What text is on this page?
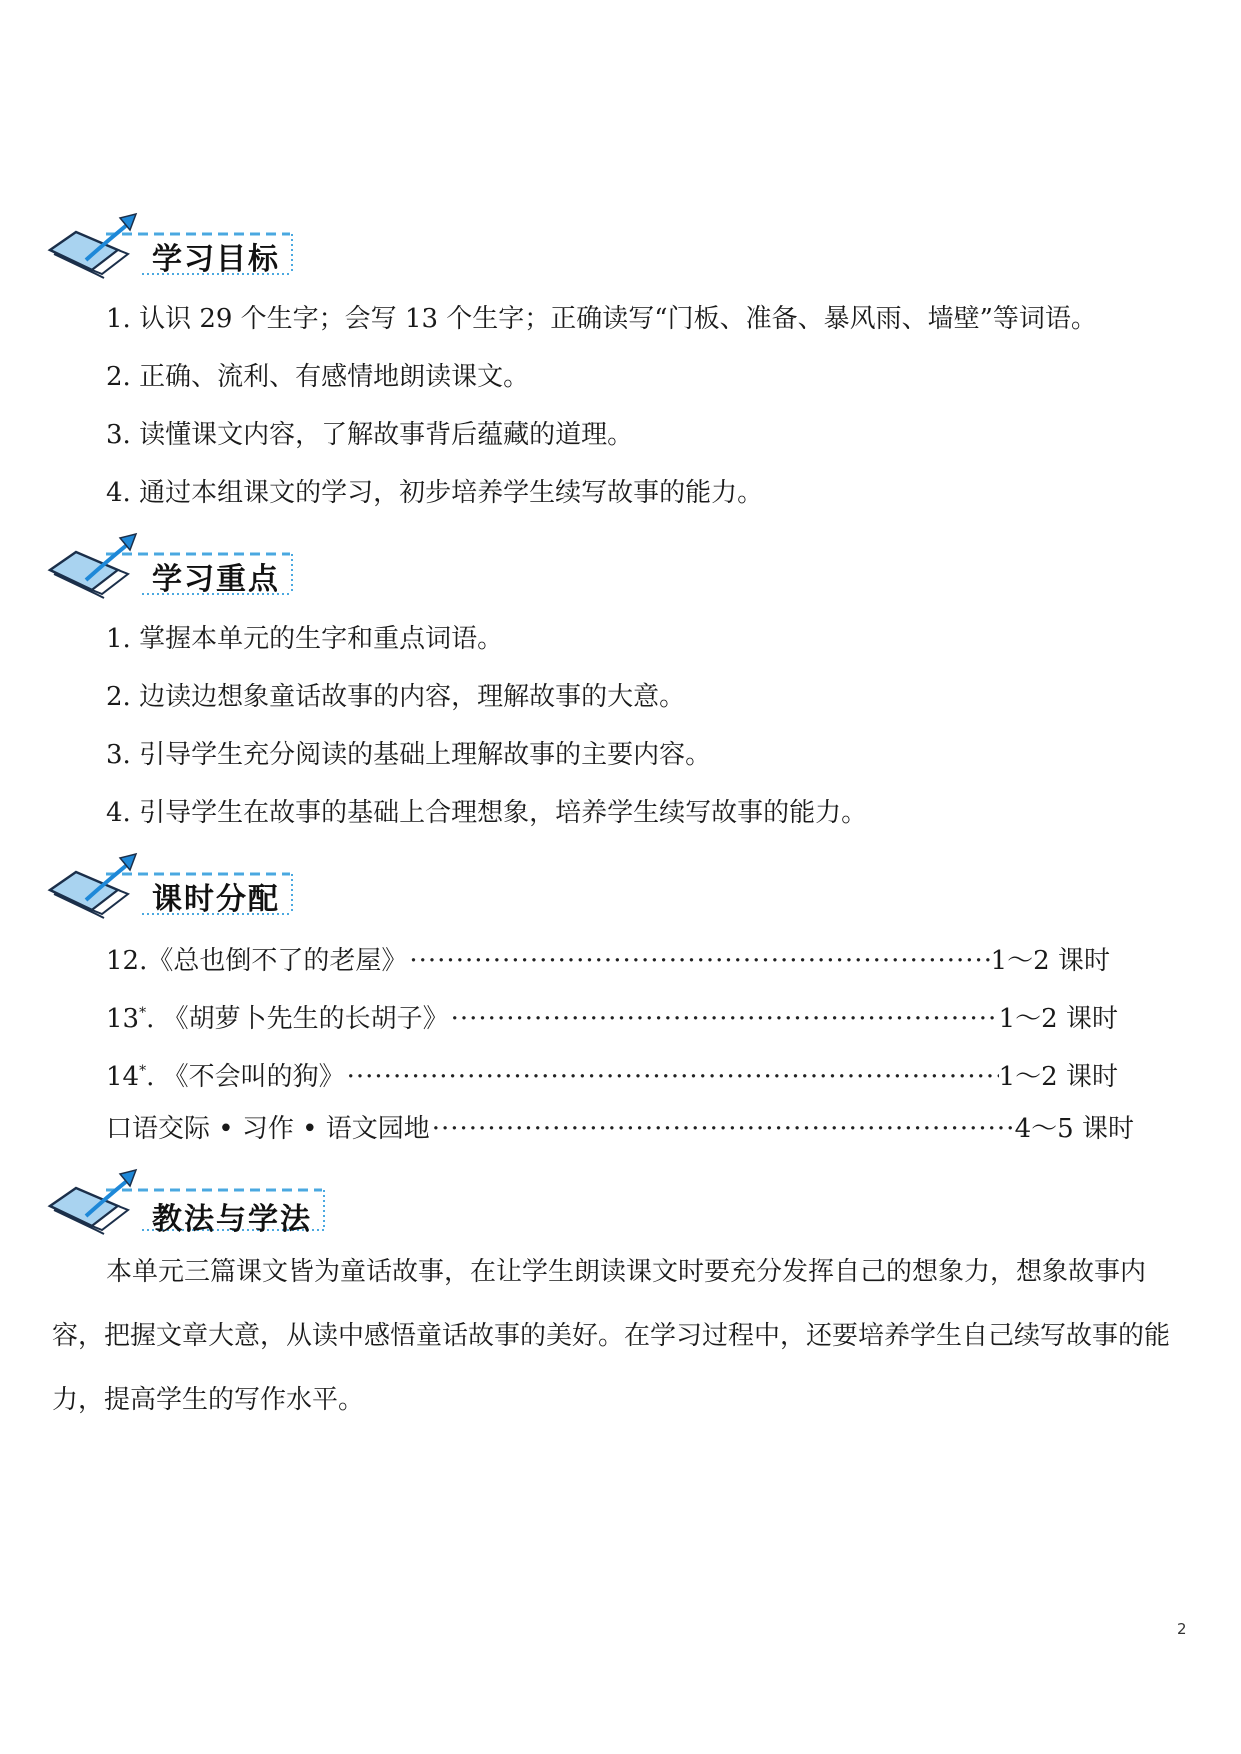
学习目标
1. 认识 29 个生字；会写 13 个生字；正确读写“门板、准备、暴风雨、墙壁”等词语。
2. 正确、流利、有感情地朗读课文。
3. 读懂课文内容，了解故事背后蕴藏的道理。
4. 通过本组课文的学习，初步培养学生续写故事的能力。
学习重点
1. 掌握本单元的生字和重点词语。
2. 边读边想象童话故事的内容，理解故事的大意。
3. 引导学生充分阅读的基础上理解故事的主要内容。
4. 引导学生在故事的基础上合理想象，培养学生续写故事的能力。
课时分配
12.《总也倒不了的老屋》 ·····	1～2 课时
13*. 《胡萝卜先生的长胡子》 ·····	1～2 课时
14*. 《不会叫的狗》 ·····	1～2 课时
口语交际 • 习作 • 语文园地 ·····	4～5 课时
教法与学法

本单元三篇课文皆为童话故事，在让学生朗读课文时要充分发挥自己的想象力，想象故事内容，把握文章大意，从读中感悟童话故事的美好。在学习过程中，还要培养学生自己续写故事的能力，提高学生的写作水平。

2
